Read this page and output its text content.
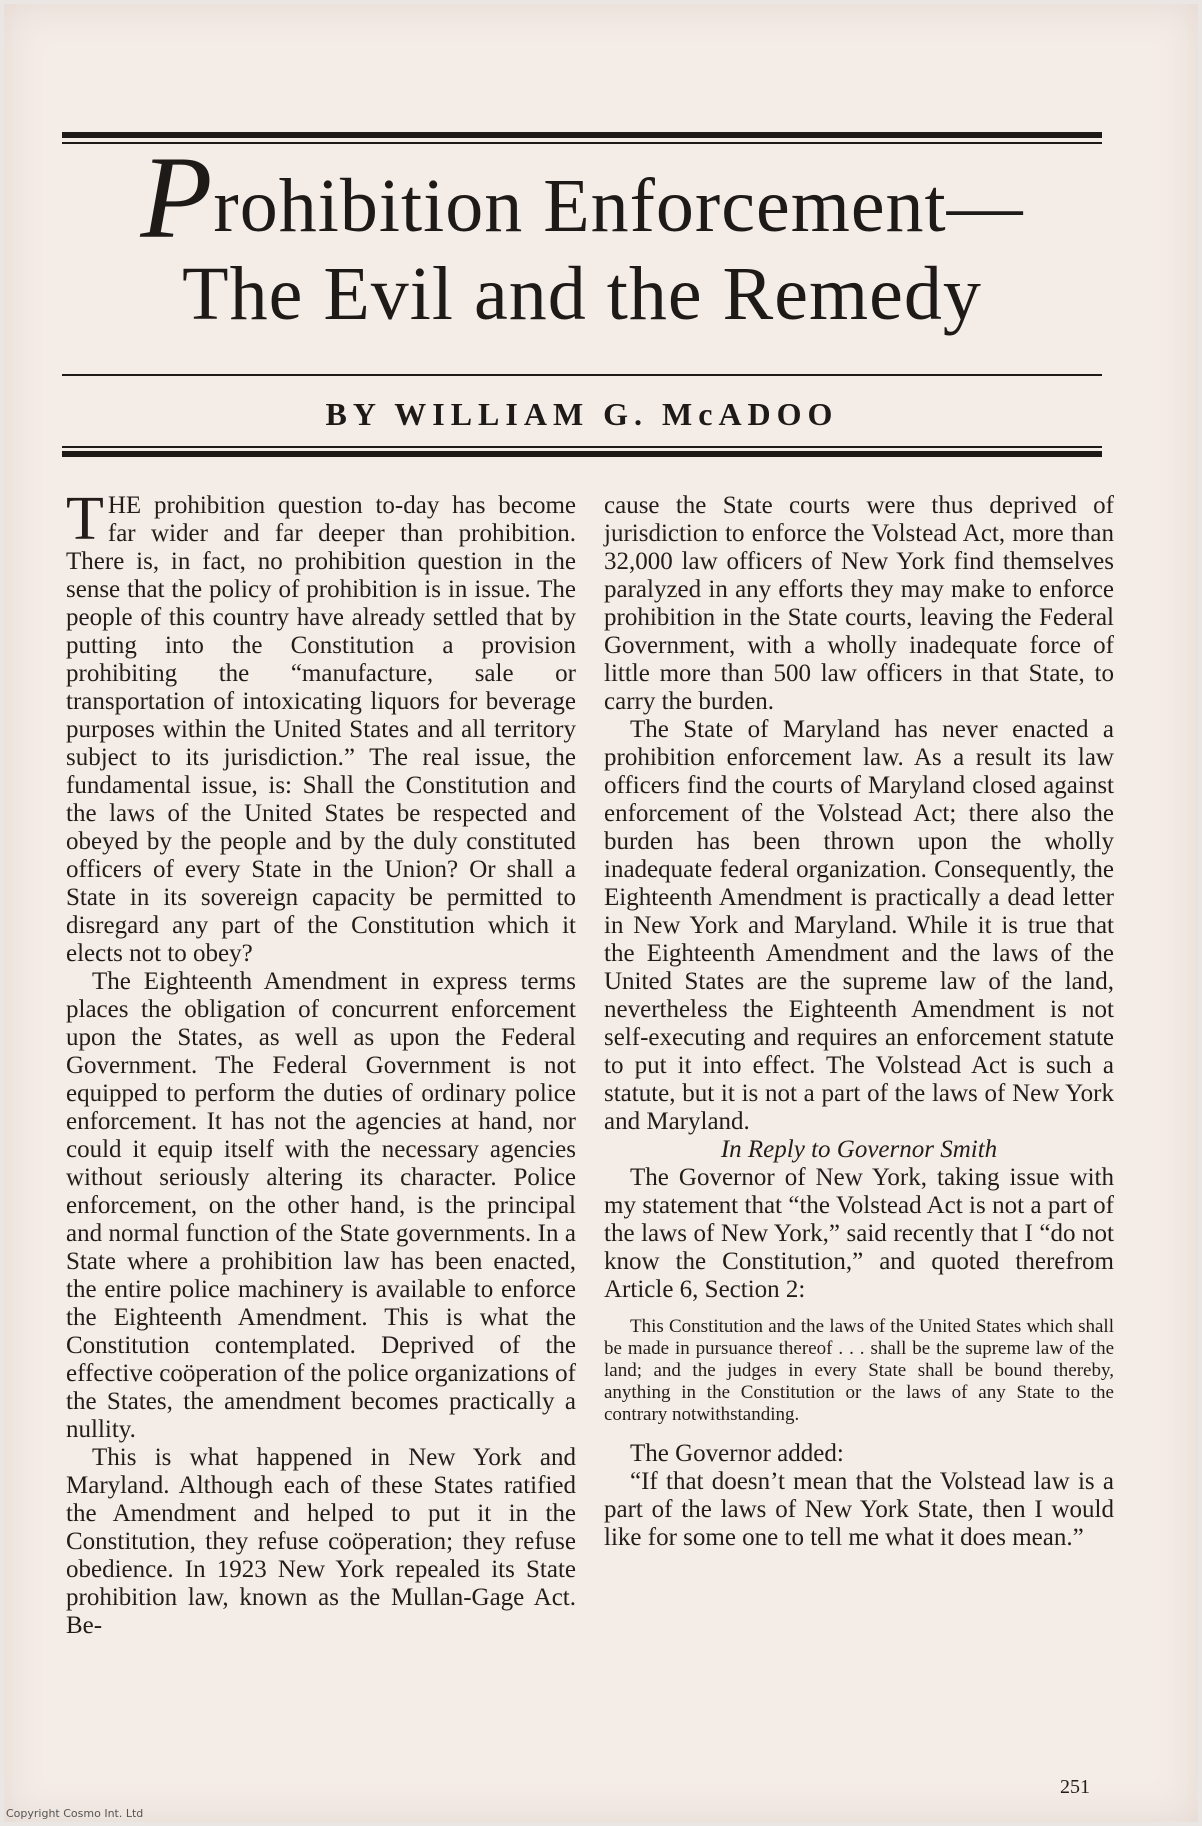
Prohibition Enforcement—
The Evil and the Remedy
BY WILLIAM G. McADOO

THE prohibition question to-day has become far wider and far deeper than prohibition. There is, in fact, no prohibition question in the sense that the policy of prohibition is in issue. The people of this country have already settled that by putting into the Constitution a provision prohibiting the “manufacture, sale or transportation of intoxicating liquors for beverage purposes within the United States and all territory subject to its jurisdiction.” The real issue, the fundamental issue, is: Shall the Constitution and the laws of the United States be respected and obeyed by the people and by the duly constituted officers of every State in the Union? Or shall a State in its sovereign capacity be permitted to disregard any part of the Constitution which it elects not to obey?

The Eighteenth Amendment in express terms places the obligation of concurrent enforcement upon the States, as well as upon the Federal Government. The Federal Government is not equipped to perform the duties of ordinary police enforcement. It has not the agencies at hand, nor could it equip itself with the necessary agencies without seriously altering its character. Police enforcement, on the other hand, is the principal and normal function of the State governments. In a State where a prohibition law has been enacted, the entire police machinery is available to enforce the Eighteenth Amendment. This is what the Constitution contemplated. Deprived of the effective coöperation of the police organizations of the States, the amendment becomes practically a nullity.

This is what happened in New York and Maryland. Although each of these States ratified the Amendment and helped to put it in the Constitution, they refuse coöperation; they refuse obedience. In 1923 New York repealed its State prohibition law, known as the Mullan-Gage Act. Be-

cause the State courts were thus deprived of jurisdiction to enforce the Volstead Act, more than 32,000 law officers of New York find themselves paralyzed in any efforts they may make to enforce prohibition in the State courts, leaving the Federal Government, with a wholly inadequate force of little more than 500 law officers in that State, to carry the burden.

The State of Maryland has never enacted a prohibition enforcement law. As a result its law officers find the courts of Maryland closed against enforcement of the Volstead Act; there also the burden has been thrown upon the wholly inadequate federal organization. Consequently, the Eighteenth Amendment is practically a dead letter in New York and Maryland. While it is true that the Eighteenth Amendment and the laws of the United States are the supreme law of the land, nevertheless the Eighteenth Amendment is not self-executing and requires an enforcement statute to put it into effect. The Volstead Act is such a statute, but it is not a part of the laws of New York and Maryland.

In Reply to Governor Smith

The Governor of New York, taking issue with my statement that “the Volstead Act is not a part of the laws of New York,” said recently that I “do not know the Constitution,” and quoted therefrom Article 6, Section 2:

This Constitution and the laws of the United States which shall be made in pursuance thereof . . . shall be the supreme law of the land; and the judges in every State shall be bound thereby, anything in the Constitution or the laws of any State to the contrary notwithstanding.

The Governor added:

“If that doesn’t mean that the Volstead law is a part of the laws of New York State, then I would like for some one to tell me what it does mean.”

251
Copyright Cosmo Int. Ltd
